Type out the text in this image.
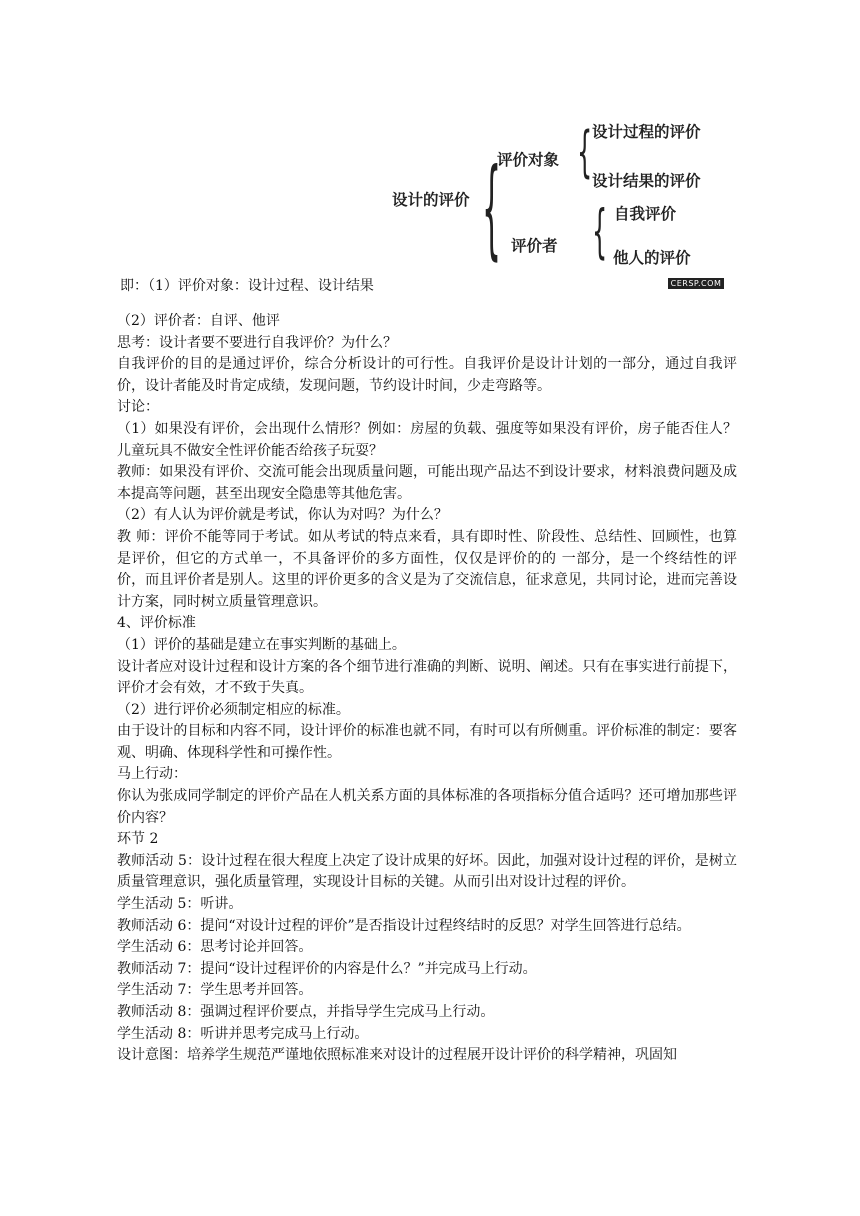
设计的评价 {
评价对象
评价者
{ 设计过程的评价
设计结果的评价
{ 自我评价
他人的评价
CERSP.COM
即：（1）评价对象：设计过程、设计结果

（2）评价者：自评、他评

思考：设计者要不要进行自我评价？为什么？

自我评价的目的是通过评价，综合分析设计的可行性。自我评价是设计计划的一部分，通过自我评价，设计者能及时肯定成绩，发现问题，节约设计时间，少走弯路等。

讨论：

（1）如果没有评价，会出现什么情形？例如：房屋的负载、强度等如果没有评价，房子能否住人？儿童玩具不做安全性评价能否给孩子玩耍？

教师：如果没有评价、交流可能会出现质量问题，可能出现产品达不到设计要求，材料浪费问题及成本提高等问题，甚至出现安全隐患等其他危害。

（2）有人认为评价就是考试，你认为对吗？为什么？

教 师：评价不能等同于考试。如从考试的特点来看，具有即时性、阶段性、总结性、回顾性，也算是评价，但它的方式单一，不具备评价的多方面性，仅仅是评价的的 一部分，是一个终结性的评价，而且评价者是别人。这里的评价更多的含义是为了交流信息，征求意见，共同讨论，进而完善设计方案，同时树立质量管理意识。

4、评价标准

（1）评价的基础是建立在事实判断的基础上。

设计者应对设计过程和设计方案的各个细节进行准确的判断、说明、阐述。只有在事实进行前提下，评价才会有效，才不致于失真。

（2）进行评价必须制定相应的标准。

由于设计的目标和内容不同，设计评价的标准也就不同，有时可以有所侧重。评价标准的制定：要客观、明确、体现科学性和可操作性。

马上行动：

你认为张成同学制定的评价产品在人机关系方面的具体标准的各项指标分值合适吗？还可增加那些评价内容？

环节 2

教师活动 5：设计过程在很大程度上决定了设计成果的好坏。因此，加强对设计过程的评价，是树立质量管理意识，强化质量管理，实现设计目标的关键。从而引出对设计过程的评价。

学生活动 5：听讲。

教师活动 6：提问“对设计过程的评价”是否指设计过程终结时的反思？对学生回答进行总结。

学生活动 6：思考讨论并回答。

教师活动 7：提问“设计过程评价的内容是什么？”并完成马上行动。

学生活动 7：学生思考并回答。

教师活动 8：强调过程评价要点，并指导学生完成马上行动。

学生活动 8：听讲并思考完成马上行动。

设计意图：培养学生规范严谨地依照标准来对设计的过程展开设计评价的科学精神，巩固知
